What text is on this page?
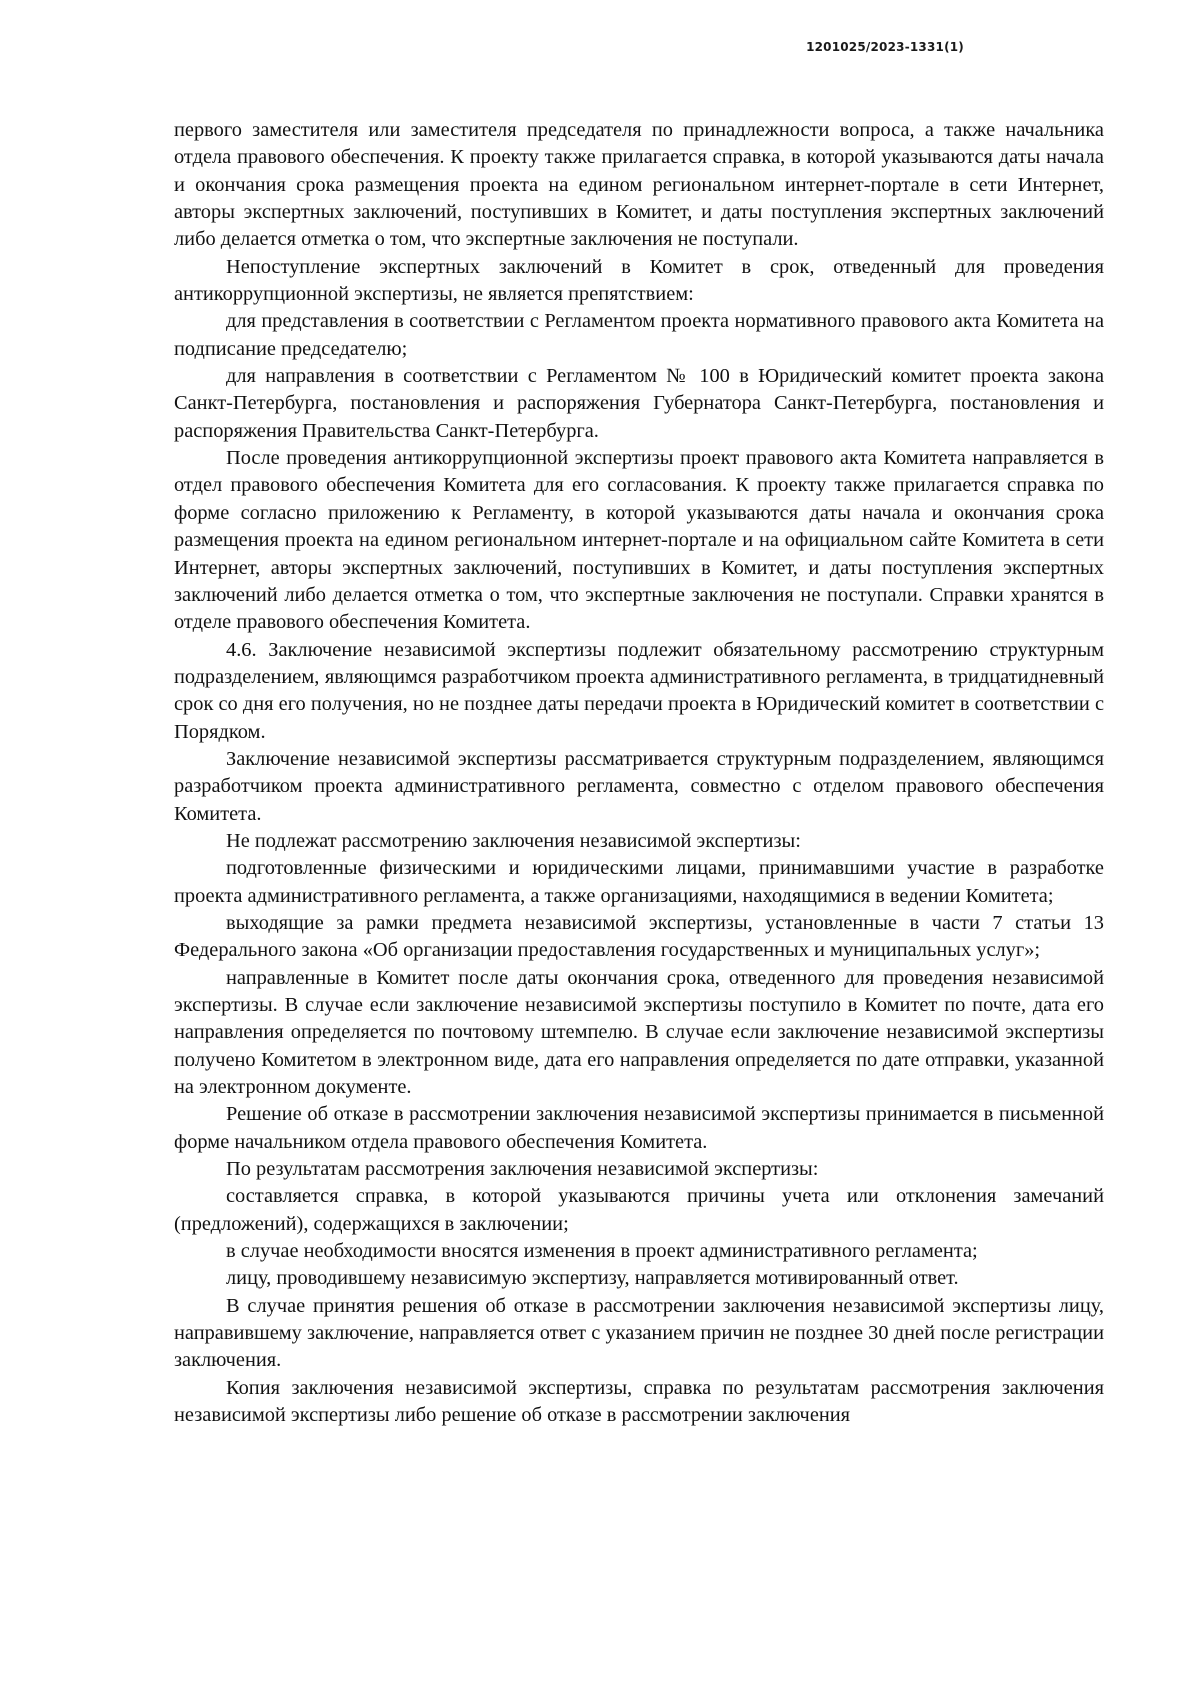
1201025/2023-1331(1)

первого заместителя или заместителя председателя по принадлежности вопроса, а также начальника отдела правового обеспечения. К проекту также прилагается справка, в которой указываются даты начала и окончания срока размещения проекта на едином региональном интернет-портале в сети Интернет, авторы экспертных заключений, поступивших в Комитет, и даты поступления экспертных заключений либо делается отметка о том, что экспертные заключения не поступали.

Непоступление экспертных заключений в Комитет в срок, отведенный для проведения антикоррупционной экспертизы, не является препятствием:

для представления в соответствии с Регламентом проекта нормативного правового акта Комитета на подписание председателю;

для направления в соответствии с Регламентом № 100 в Юридический комитет проекта закона Санкт-Петербурга, постановления и распоряжения Губернатора Санкт-Петербурга, постановления и распоряжения Правительства Санкт-Петербурга.

После проведения антикоррупционной экспертизы проект правового акта Комитета направляется в отдел правового обеспечения Комитета для его согласования. К проекту также прилагается справка по форме согласно приложению к Регламенту, в которой указываются даты начала и окончания срока размещения проекта на едином региональном интернет-портале и на официальном сайте Комитета в сети Интернет, авторы экспертных заключений, поступивших в Комитет, и даты поступления экспертных заключений либо делается отметка о том, что экспертные заключения не поступали. Справки хранятся в отделе правового обеспечения Комитета.

4.6. Заключение независимой экспертизы подлежит обязательному рассмотрению структурным подразделением, являющимся разработчиком проекта административного регламента, в тридцатидневный срок со дня его получения, но не позднее даты передачи проекта в Юридический комитет в соответствии с Порядком.

Заключение независимой экспертизы рассматривается структурным подразделением, являющимся разработчиком проекта административного регламента, совместно с отделом правового обеспечения Комитета.

Не подлежат рассмотрению заключения независимой экспертизы:

подготовленные физическими и юридическими лицами, принимавшими участие в разработке проекта административного регламента, а также организациями, находящимися в ведении Комитета;

выходящие за рамки предмета независимой экспертизы, установленные в части 7 статьи 13 Федерального закона «Об организации предоставления государственных и муниципальных услуг»;

направленные в Комитет после даты окончания срока, отведенного для проведения независимой экспертизы. В случае если заключение независимой экспертизы поступило в Комитет по почте, дата его направления определяется по почтовому штемпелю. В случае если заключение независимой экспертизы получено Комитетом в электронном виде, дата его направления определяется по дате отправки, указанной на электронном документе.

Решение об отказе в рассмотрении заключения независимой экспертизы принимается в письменной форме начальником отдела правового обеспечения Комитета.

По результатам рассмотрения заключения независимой экспертизы:

составляется справка, в которой указываются причины учета или отклонения замечаний (предложений), содержащихся в заключении;

в случае необходимости вносятся изменения в проект административного регламента;

лицу, проводившему независимую экспертизу, направляется мотивированный ответ.

В случае принятия решения об отказе в рассмотрении заключения независимой экспертизы лицу, направившему заключение, направляется ответ с указанием причин не позднее 30 дней после регистрации заключения.

Копия заключения независимой экспертизы, справка по результатам рассмотрения заключения независимой экспертизы либо решение об отказе в рассмотрении заключения
